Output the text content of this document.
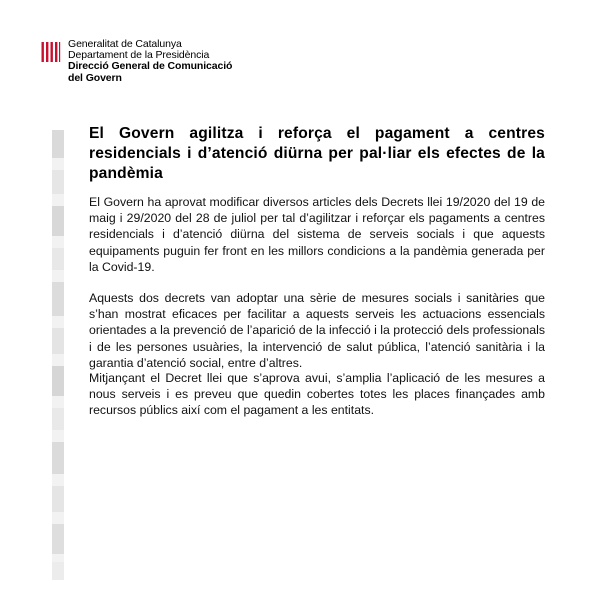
Generalitat de Catalunya
Departament de la Presidència
Direcció General de Comunicació
del Govern
El Govern agilitza i reforça el pagament a centres residencials i d’atenció diürna per pal·liar els efectes de la pandèmia
El Govern ha aprovat modificar diversos articles dels Decrets llei 19/2020 del 19 de maig i 29/2020 del 28 de juliol per tal d’agilitzar i reforçar els pagaments a centres residencials i d’atenció diürna del sistema de serveis socials i que aquests equipaments puguin fer front en les millors condicions a la pandèmia generada per la Covid-19.
Aquests dos decrets van adoptar una sèrie de mesures socials i sanitàries que s’han mostrat eficaces per facilitar a aquests serveis les actuacions essencials orientades a la prevenció de l’aparició de la infecció i la protecció dels professionals i de les persones usuàries, la intervenció de salut pública, l’atenció sanitària i la garantia d’atenció social, entre d’altres.
Mitjançant el Decret llei que s’aprova avui, s’amplia l’aplicació de les mesures a nous serveis i es preveu que quedin cobertes totes les places finançades amb recursos públics així com el pagament a les entitats.
